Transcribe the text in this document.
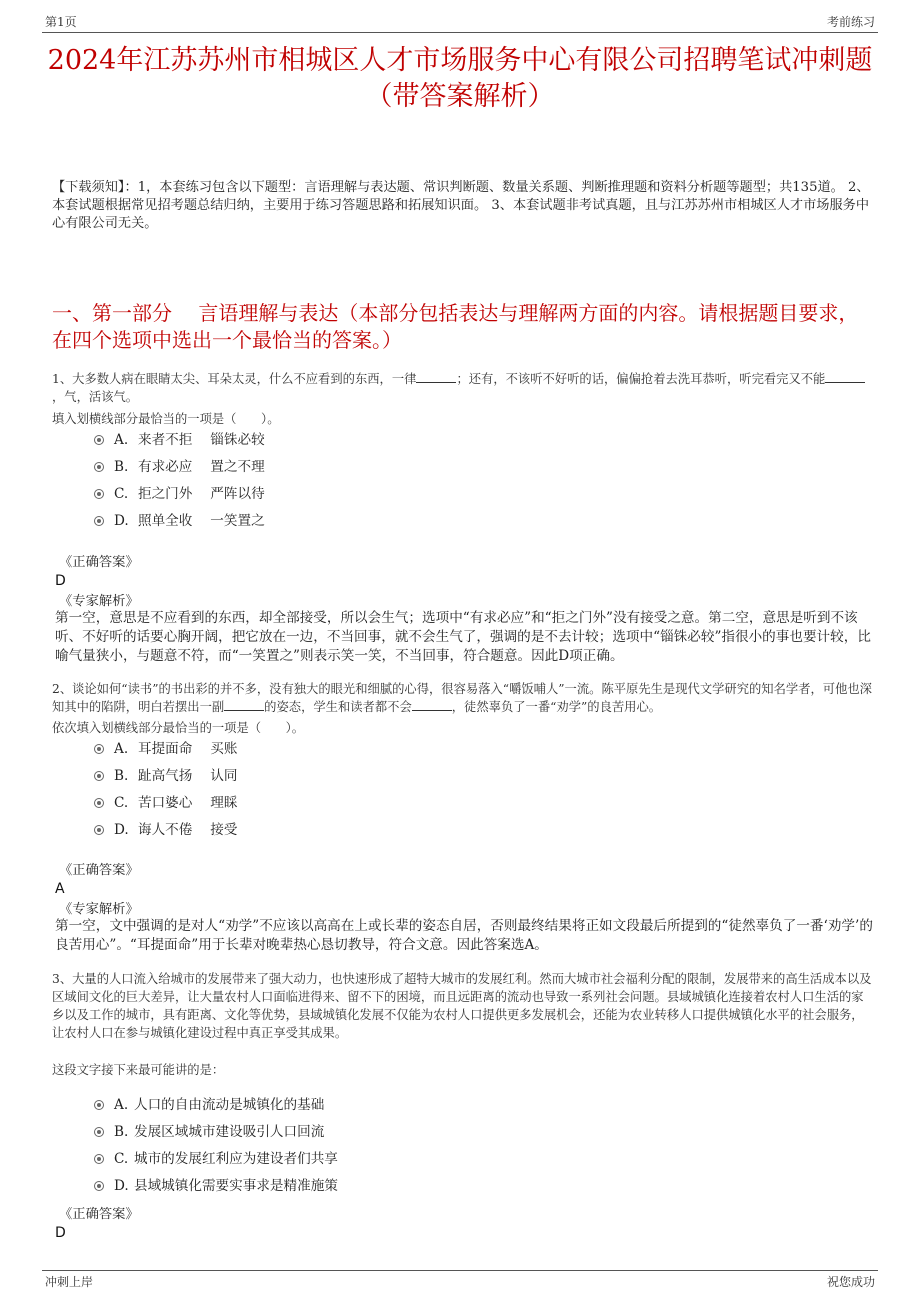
第1页	考前练习
2024年江苏苏州市相城区人才市场服务中心有限公司招聘笔试冲刺题（带答案解析）
【下载须知】：1，本套练习包含以下题型：言语理解与表达题、常识判断题、数量关系题、判断推理题和资料分析题等题型；共135道。 2、本套试题根据常见招考题总结归纳，主要用于练习答题思路和拓展知识面。 3、本套试题非考试真题，且与江苏苏州市相城区人才市场服务中心有限公司无关。
一、第一部分　 言语理解与表达（本部分包括表达与理解两方面的内容。请根据题目要求，在四个选项中选出一个最恰当的答案。）
1、大多数人病在眼睛太尖、耳朵太灵，什么不应看到的东西，一律	；还有，不该听不好听的话，偏偏抢着去洗耳恭听，听完看完又不能，气，活该气。
填入划横线部分最恰当的一项是（　　）。
A. 来者不拒　 锱铢必较
B. 有求必应　 置之不理
C. 拒之门外　 严阵以待
D. 照单全收　 一笑置之
《正确答案》
D
《专家解析》
第一空，意思是不应看到的东西，却全部接受，所以会生气；选项中“有求必应”和“拒之门外”没有接受之意。第二空，意思是听到不该听、不好听的话要心胸开阔，把它放在一边，不当回事，就不会生气了，强调的是不去计较；选项中“锱铢必较”指很小的事也要计较，比喻气量狭小，与题意不符，而“一笑置之”则表示笑一笑，不当回事，符合题意。因此D项正确。
2、谈论如何“读书”的书出彩的并不多，没有独大的眼光和细腻的心得，很容易落入“嚼饭哺人”一流。陈平原先生是现代文学研究的知名学者，可他也深知其中的陷阱，明白若摆出一副	的姿态，学生和读者都不会	，徒然辜负了一番“劝学”的良苦用心。
依次填入划横线部分最恰当的一项是（　　）。
A. 耳提面命　 买账
B. 趾高气扬　 认同
C. 苦口婆心　 理睬
D. 诲人不倦　 接受
《正确答案》
A
《专家解析》
第一空，文中强调的是对人“劝学”不应该以高高在上或长辈的姿态自居，否则最终结果将正如文段最后所提到的“徒然辜负了一番‘劝学’的良苦用心”。“耳提面命”用于长辈对晚辈热心恳切教导，符合文意。因此答案选A。
3、大量的人口流入给城市的发展带来了强大动力，也快速形成了超特大城市的发展红利。然而大城市社会福利分配的限制，发展带来的高生活成本以及区域间文化的巨大差异，让大量农村人口面临进得来、留不下的困境，而且远距离的流动也导致一系列社会问题。县域城镇化连接着农村人口生活的家乡以及工作的城市，具有距离、文化等优势，县域城镇化发展不仅能为农村人口提供更多发展机会，还能为农业转移人口提供城镇化水平的社会服务，让农村人口在参与城镇化建设过程中真正享受其成果。
这段文字接下来最可能讲的是：
A. 人口的自由流动是城镇化的基础
B. 发展区域城市建设吸引人口回流
C. 城市的发展红利应为建设者们共享
D. 县域城镇化需要实事求是精准施策
《正确答案》
D
冲刺上岸	祝您成功
